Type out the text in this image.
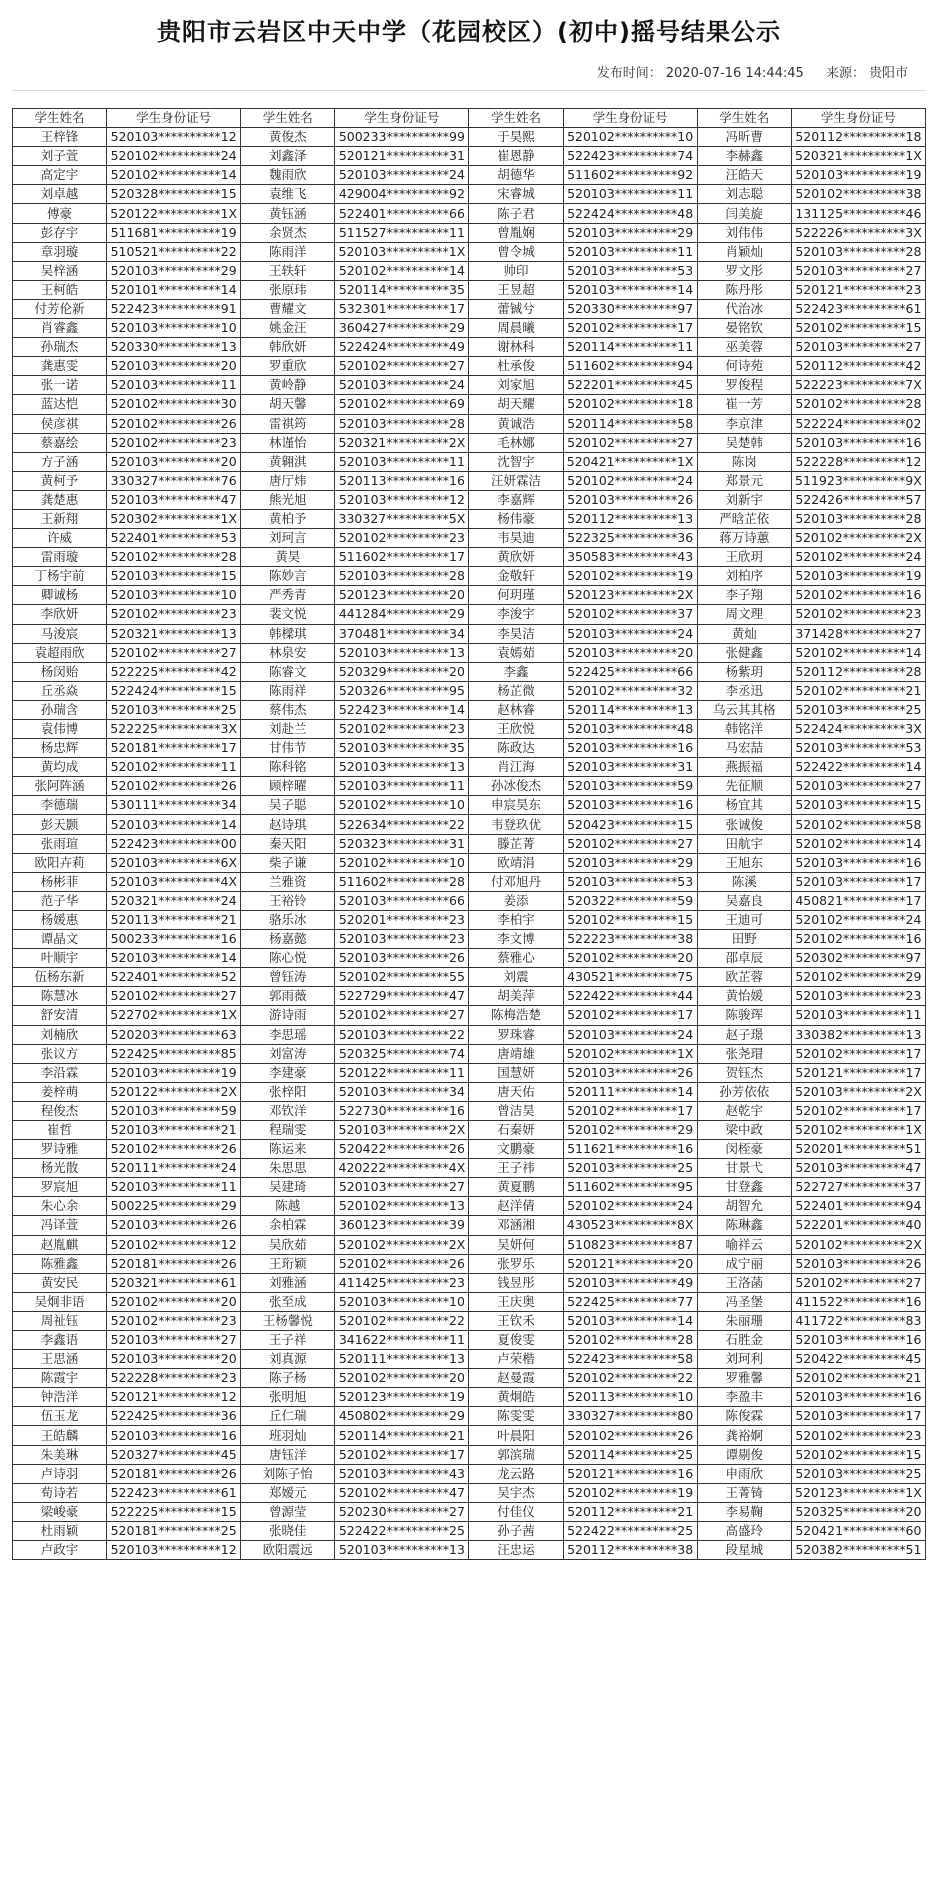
贵阳市云岩区中天中学（花园校区）(初中)摇号结果公示
发布时间： 2020-07-16 14:44:45 来源： 贵阳市
学生姓名	学生身份证号	学生姓名	学生身份证号	学生姓名	学生身份证号	学生姓名	学生身份证号
王梓锋	520103**********12	黄俊杰	500233**********99	于昊熙	520102**********10	冯昕曹	520112**********18
刘子萱	520102**********24	刘鑫泽	520121**********31	崔恩静	522423**********74	李赫鑫	520321**********1X
高定宇	520102**********14	魏雨欣	520103**********24	胡德华	511602**********92	汪皓天	520103**********19
刘卓越	520328**********15	袁维飞	429004**********92	宋睿城	520103**********11	刘志聪	520102**********38
傅豪	520122**********1X	黄钰涵	522401**********66	陈子君	522424**********48	闫美旋	131125**********46
彭存宇	511681**********19	余贤杰	511527**********11	曾胤娴	520103**********29	刘伟伟	522226**********3X
章羽璇	510521**********22	陈雨洋	520103**********1X	曾令城	520103**********11	肖颖灿	520103**********28
吴梓涵	520103**********29	王轶轩	520102**********14	帅印	520103**********53	罗文彤	520103**********27
王柯皓	520101**********14	张原玮	520114**********35	王昱超	520103**********14	陈丹彤	520121**********23
付芳伦新	522423**********91	曹耀文	532301**********17	蕾铖兮	520330**********97	代治冰	522423**********61
肖睿鑫	520103**********10	姚金汪	360427**********29	周晨曦	520102**********17	晏铭钦	520102**********15
孙瑞杰	520330**********13	韩欣妍	522424**********49	谢林科	520114**********11	巫美蓉	520103**********27
龚惠雯	520103**********20	罗重欣	520102**********27	杜承俊	511602**********94	何诗苑	520112**********42
张一诺	520103**********11	黄岭静	520103**********24	刘家旭	522201**********45	罗俊程	522223**********7X
蓝达恺	520102**********30	胡天馨	520102**********69	胡天耀	520102**********18	崔一芳	520102**********28
侯彦祺	520102**********26	雷祺筠	520103**********28	黄诚浩	520114**********58	李京津	522224**********02
蔡嘉绘	520102**********23	林谨怡	520321**********2X	毛林娜	520102**********27	吴楚韩	520103**********16
方子涵	520103**********20	黄翱淇	520103**********11	沈智宇	520421**********1X	陈岗	522228**********12
黄柯予	330327**********76	唐厅炜	520113**********16	汪妍霖洁	520102**********24	郑景元	511923**********9X
龚楚惠	520103**********47	熊光旭	520103**********12	李嘉辉	520103**********26	刘新宇	522426**********57
王新翔	520302**********1X	黄柏予	330327**********5X	杨伟豪	520112**********13	严晗芷依	520103**********28
许威	522401**********53	刘珂言	520102**********23	韦昊迪	522325**********36	蒋万诗蕙	520102**********2X
雷雨璇	520102**********28	黄昊	511602**********17	黄欣妍	350583**********43	王欣玥	520102**********24
丁杨宇前	520103**********15	陈妙言	520103**********28	金敬轩	520102**********19	刘柏序	520103**********19
卿诚杨	520103**********10	严秀青	520123**********20	何玥瑾	520123**********2X	李子翔	520102**********16
李欣妍	520102**********23	裴文悦	441284**********29	李浚宇	520102**********37	周文理	520102**********23
马浚宸	520321**********13	韩樑琪	370481**********34	李昊洁	520103**********24	黄灿	371428**********27
袁超雨欣	520102**********27	林泉安	520103**********13	袁嫣茹	520103**********20	张健鑫	520102**********14
杨闵贻	522225**********42	陈睿文	520329**********20	李鑫	522425**********66	杨紫玥	520112**********28
丘丞焱	522424**********15	陈雨祥	520326**********95	杨芷微	520102**********32	李丞迅	520102**********21
孙瑞含	520103**********25	蔡伟杰	522423**********14	赵林睿	520114**********13	乌云其其格	520103**********25
袁伟博	522225**********3X	刘赴兰	520102**********23	王欣悦	520103**********48	韩铭洋	522424**********3X
杨忠辉	520181**********17	甘伟节	520103**********35	陈政达	520103**********16	马宏喆	520103**********53
黄均成	520102**********11	陈科铭	520103**********13	肖江海	520103**********31	燕振福	522422**********14
张阿阵涵	520102**********26	顾梓曜	520103**********11	孙冰俊杰	520103**********59	先征顺	520103**********27
李德瑞	530111**********34	吴子聪	520102**********10	申宸昊东	520103**********16	杨宜其	520103**********15
彭天颢	520103**********14	赵诗琪	522634**********22	韦登玖优	520423**********15	张诚俊	520102**********58
张雨瑄	522423**********00	秦天阳	520323**********31	滕芷菁	520102**********27	田航宇	520102**********14
欧阳卉莉	520103**********6X	柴子谦	520102**********10	欧靖涓	520103**********29	王旭东	520103**********16
杨彬菲	520103**********4X	兰雅资	511602**********28	付邓旭丹	520103**********53	陈溪	520103**********17
范子华	520321**********24	王裕铃	520103**********66	姜添	520322**********59	吴嘉良	450821**********17
杨媛惠	520113**********21	骆乐冰	520201**********23	李柏宇	520102**********15	王迪可	520102**********24
谭晶文	500233**********16	杨嘉懿	520103**********23	李文博	522223**********38	田野	520102**********16
叶顺宇	520103**********14	陈心悦	520103**********26	蔡雅心	520102**********20	邵卓辰	520302**********97
伍杨东新	522401**********52	曾钰涛	520102**********55	刘震	430521**********75	欧芷蓉	520102**********29
陈慧冰	520102**********27	郭雨薇	522729**********47	胡美萍	522422**********44	黄怡媛	520103**********23
舒安清	522702**********1X	游诗雨	520102**********27	陈梅浩楚	520102**********17	陈骏珲	520103**********11
刘楠欣	520203**********63	李思瑶	520103**********22	罗珠睿	520103**********24	赵子璟	330382**********13
张议方	522425**********85	刘富涛	520325**********74	唐靖雄	520102**********1X	张尧瑁	520102**********17
李沿霖	520103**********19	李建豪	520122**********11	国慧妍	520103**********26	贺钰杰	520121**********17
姜梓萌	520122**********2X	张梓阳	520103**********34	唐天佑	520111**********14	孙芳依依	520103**********2X
程俊杰	520103**********59	邓钦洋	522730**********16	曾洁昊	520102**********17	赵乾宇	520102**********17
崔哲	520103**********21	程瑞雯	520103**********2X	石秦妍	520102**********29	梁中政	520102**********1X
罗诗雅	520102**********26	陈运来	520422**********26	文鹏豪	511621**********16	闵桎豪	520201**********51
杨光散	520111**********24	朱思思	420222**********4X	王子祎	520103**********25	甘景弋	520103**********47
罗宸旭	520103**********11	吴建琦	520103**********27	黄夏鹏	511602**********95	甘登鑫	522727**********37
朱心余	500225**********29	陈越	520102**********13	赵洋倩	520102**********24	胡智允	522401**********94
冯译萱	520103**********26	余柏霖	360123**********39	邓涵湘	430523**********8X	陈琳鑫	522201**********40
赵胤麒	520102**********12	吴欣茹	520102**********2X	吴妍何	510823**********87	喻祥云	520102**********2X
陈雅鑫	520181**********26	王珩颖	520102**********26	张罗乐	520121**********20	成宁丽	520103**********26
黄安民	520321**********61	刘雅涵	411425**********23	钱昱彤	520103**********49	王洛菡	520102**********27
吴炯非语	520102**********20	张至成	520103**********10	王庆奥	522425**********77	冯圣堡	411522**********16
周祉钰	520102**********23	王杨馨悦	520102**********22	王钦禾	520103**********14	朱丽珊	411722**********83
李鑫语	520103**********27	王子祥	341622**********11	夏俊雯	520102**********28	石胜金	520103**********16
王思涵	520103**********20	刘真源	520111**********13	卢荣楷	522423**********58	刘珂利	520422**********45
陈霞宇	522228**********23	陈子杨	520102**********20	赵曼霞	520102**********22	罗雅馨	520102**********21
钟浩洋	520121**********12	张明旭	520123**********19	黄炯皓	520113**********10	李盈丰	520103**********16
伍玉龙	522425**********36	丘仁瑞	450802**********29	陈雯雯	330327**********80	陈俊霖	520103**********17
王皓麟	520103**********16	班羽灿	520114**********21	叶晨阳	520102**********26	龚裕婀	520102**********23
朱美琳	520327**********45	唐钰洋	520102**********17	郭滨瑞	520114**********25	谭剔俊	520102**********15
卢诗羽	520181**********26	刘陈子怡	520103**********43	龙云路	520121**********16	申雨欣	520103**********25
荀诗若	522423**********61	郑嫒元	520102**********47	吴宇杰	520102**********19	王菁锜	520123**********1X
梁峻豪	522225**********15	曾源莹	520230**********27	付佳仪	520112**********21	李易鞠	520325**********20
杜雨颖	520181**********25	张晓佳	522422**********25	孙子茜	522422**********25	高盛玲	520421**********60
卢政宇	520103**********12	欧阳震远	520103**********13	汪忠运	520112**********38	段星城	520382**********51
